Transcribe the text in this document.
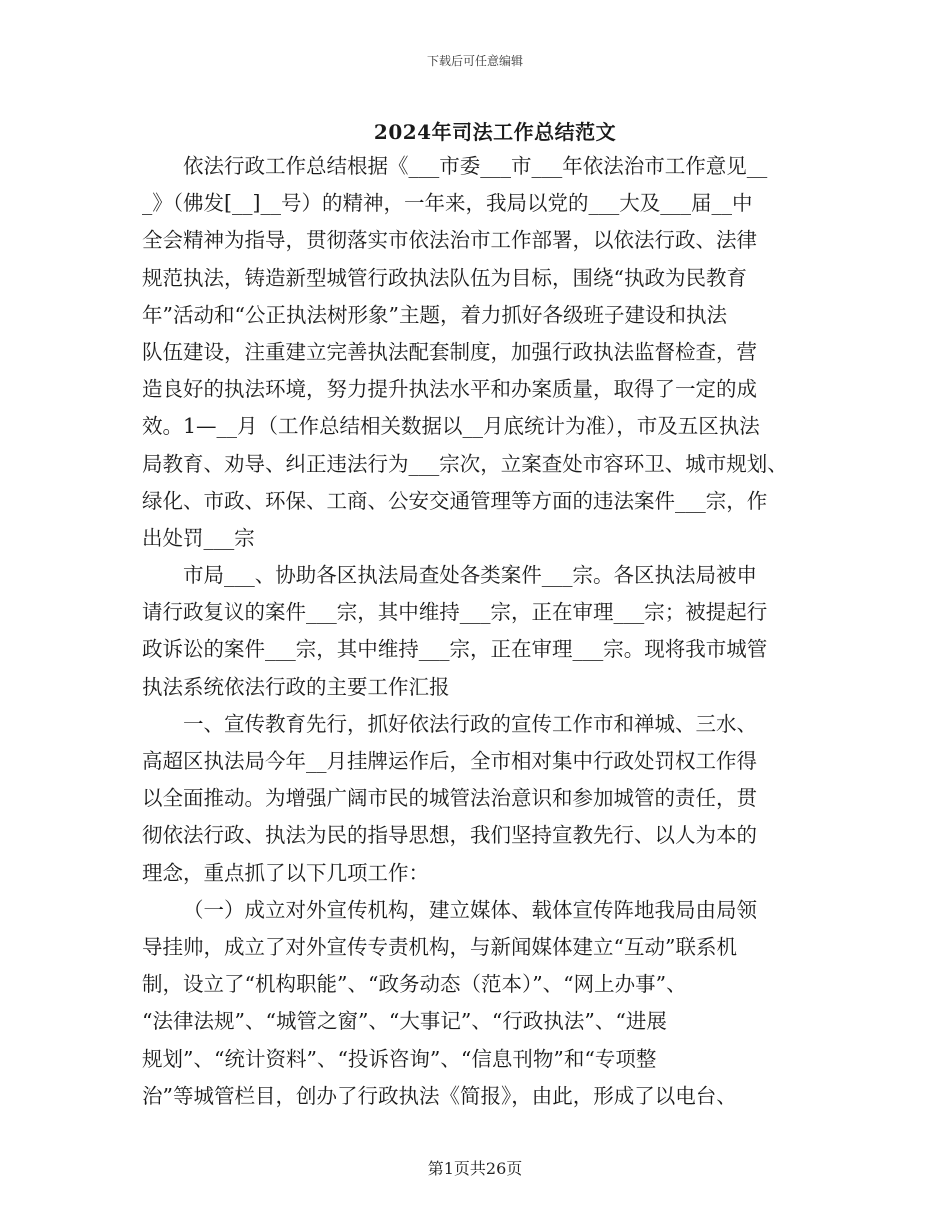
下载后可任意编辑
2024年司法工作总结范文
依法行政工作总结根据《___市委___市___年依法治市工作意见__
_》（佛发[__]__号）的精神，一年来，我局以党的___大及___届__中
全会精神为指导，贯彻落实市依法治市工作部署，以依法行政、法律
规范执法，铸造新型城管行政执法队伍为目标，围绕“执政为民教育
年”活动和“公正执法树形象”主题，着力抓好各级班子建设和执法
队伍建设，注重建立完善执法配套制度，加强行政执法监督检查，营
造良好的执法环境，努力提升执法水平和办案质量，取得了一定的成
效。1—__月（工作总结相关数据以__月底统计为准），市及五区执法
局教育、劝导、纠正违法行为___宗次，立案查处市容环卫、城市规划、
绿化、市政、环保、工商、公安交通管理等方面的违法案件___宗，作
出处罚___宗
市局___、协助各区执法局查处各类案件___宗。各区执法局被申
请行政复议的案件___宗，其中维持___宗，正在审理___宗；被提起行
政诉讼的案件___宗，其中维持___宗，正在审理___宗。现将我市城管
执法系统依法行政的主要工作汇报
一、宣传教育先行，抓好依法行政的宣传工作市和禅城、三水、
高超区执法局今年__月挂牌运作后，全市相对集中行政处罚权工作得
以全面推动。为增强广阔市民的城管法治意识和参加城管的责任，贯
彻依法行政、执法为民的指导思想，我们坚持宣教先行、以人为本的
理念，重点抓了以下几项工作：
（一）成立对外宣传机构，建立媒体、载体宣传阵地我局由局领
导挂帅，成立了对外宣传专责机构，与新闻媒体建立“互动”联系机
制，设立了“机构职能”、“政务动态（范本）”、“网上办事”、
“法律法规”、“城管之窗”、“大事记”、“行政执法”、“进展
规划”、“统计资料”、“投诉咨询”、“信息刊物”和“专项整
治”等城管栏目，创办了行政执法《简报》，由此，形成了以电台、
第1页共26页
